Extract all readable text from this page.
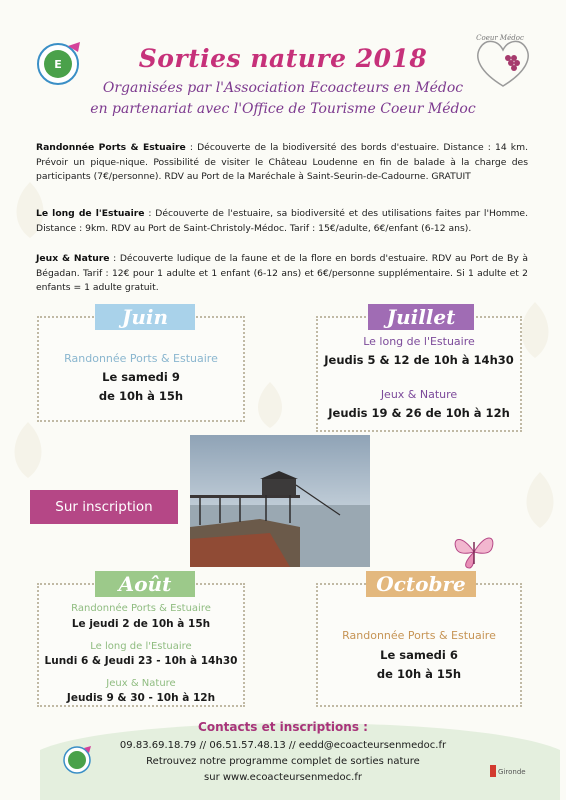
E
Coeur Médoc
Sorties nature 2018
Organisées par l'Association Ecoacteurs en Médoc
en partenariat avec l'Office de Tourisme Coeur Médoc
Randonnée Ports & Estuaire : Découverte de la biodiversité des bords d'estuaire. Distance : 14 km. Prévoir un pique-nique. Possibilité de visiter le Château Loudenne en fin de balade à la charge des participants (7€/personne). RDV au Port de la Maréchale à Saint-Seurin-de-Cadourne. GRATUIT
Le long de l'Estuaire : Découverte de l'estuaire, sa biodiversité et des utilisations faites par l'Homme. Distance : 9km. RDV au Port de Saint-Christoly-Médoc. Tarif : 15€/adulte, 6€/enfant (6-12 ans).
Jeux & Nature : Découverte ludique de la faune et de la flore en bords d'estuaire. RDV au Port de By à Bégadan. Tarif : 12€ pour 1 adulte et 1 enfant (6-12 ans) et 6€/personne supplémentaire. Si 1 adulte et 2 enfants = 1 adulte gratuit.
Juin
Randonnée Ports & Estuaire
Le samedi 9
de 10h à 15h
Juillet
Le long de l'Estuaire
Jeudis 5 & 12 de 10h à 14h30
Jeux & Nature
Jeudis 19 & 26 de 10h à 12h
Sur inscription
Août
Randonnée Ports & Estuaire
Le jeudi 2 de 10h à 15h
Le long de l'Estuaire
Lundi 6 & Jeudi 23 - 10h à 14h30
Jeux & Nature
Jeudis 9 & 30 - 10h à 12h
Octobre
Randonnée Ports & Estuaire
Le samedi 6
de 10h à 15h
Contacts et inscriptions :
09.83.69.18.79 // 06.51.57.48.13 // eedd@ecoacteursenmedoc.fr
Retrouvez notre programme complet de sorties nature
sur www.ecoacteursenmedoc.fr	Gironde
